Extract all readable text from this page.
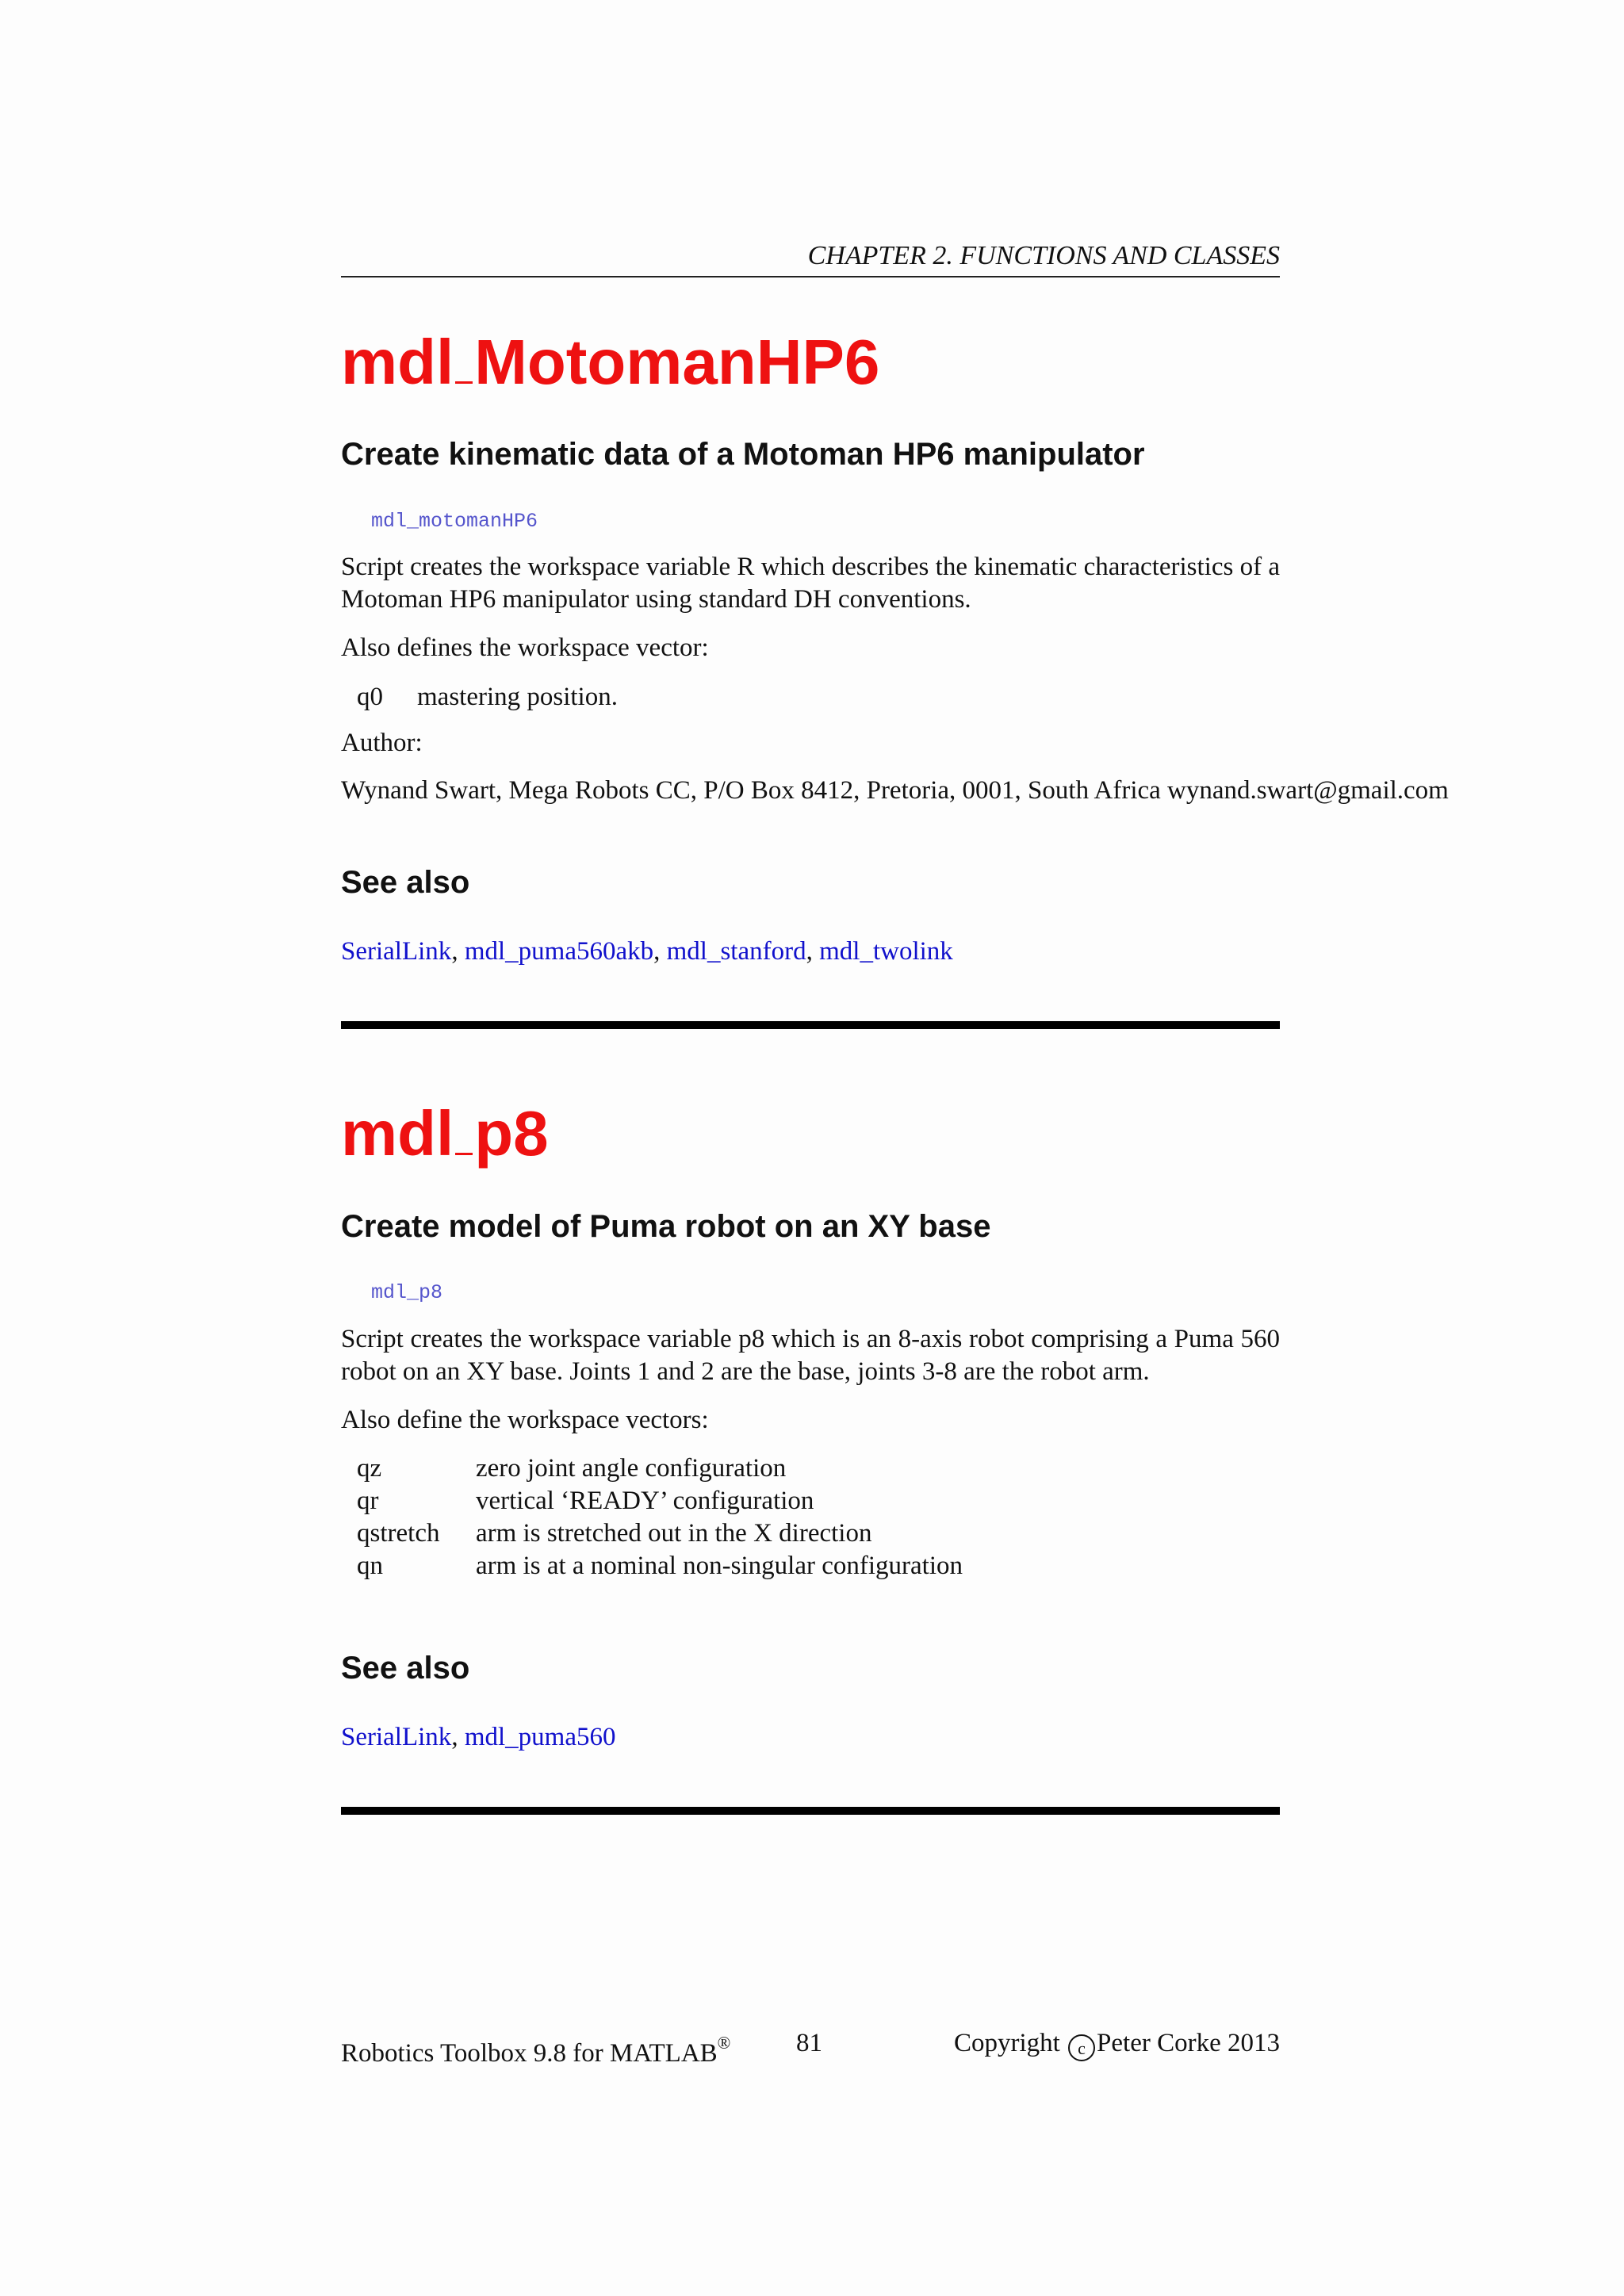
CHAPTER 2. FUNCTIONS AND CLASSES
mdl MotomanHP6
Create kinematic data of a Motoman HP6 manipulator
mdl_motomanHP6

Script creates the workspace variable R which describes the kinematic characteristics of a Motoman HP6 manipulator using standard DH conventions.

Also defines the workspace vector:

q0	mastering position.

Author:

Wynand Swart, Mega Robots CC, P/O Box 8412, Pretoria, 0001, South Africa wynand.swart@gmail.com

See also
SerialLink, mdl_puma560akb, mdl_stanford, mdl_twolink
mdl p8
Create model of Puma robot on an XY base
mdl_p8

Script creates the workspace variable p8 which is an 8-axis robot comprising a Puma 560 robot on an XY base. Joints 1 and 2 are the base, joints 3-8 are the robot arm.

Also define the workspace vectors:

qz	zero joint angle configuration
qr	vertical ‘READY’ configuration
qstretch	arm is stretched out in the X direction
qn	arm is at a nominal non-singular configuration
See also
SerialLink, mdl_puma560
Robotics Toolbox 9.8 for MATLAB®	81	Copyright c Peter Corke 2013
